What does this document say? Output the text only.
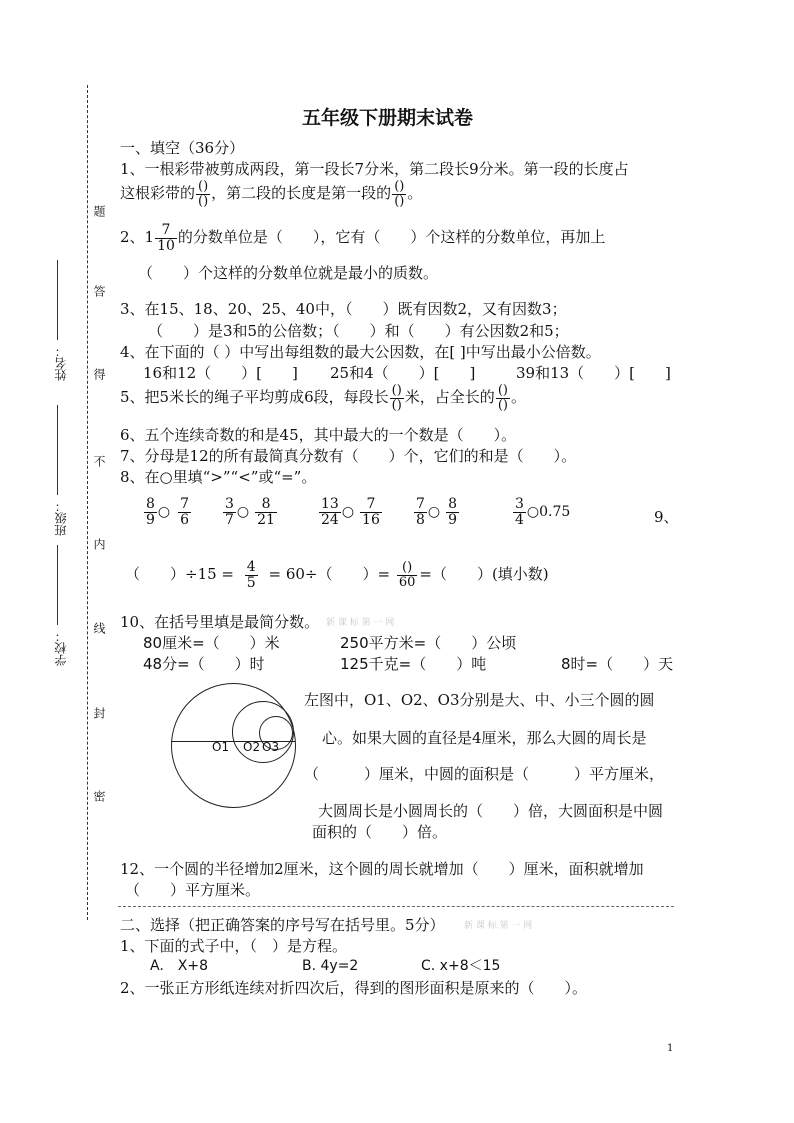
题
答
得
不
内
线
封
密
姓名：
班级：
学校：
五年级下册期末试卷
一、填空（36分）
1、一根彩带被剪成两段，第一段长7分米，第二段长9分米。第一段的长度占
这根彩带的 $\frac{()}{()}$ ，第二段的长度是第一段的 $\frac{()}{()}$ 。
2、$1 \frac{7}{10}$ 的分数单位是（　　），它有（　　）个这样的分数单位，再加上
（　　）个这样的分数单位就是最小的质数。
3、在15、18、20、25、40中，（　　）既有因数2，又有因数3；
（　　）是3和5的公倍数；（　　）和（　　）有公因数2和5；
4、在下面的（ ）中写出每组数的最大公因数，在[ ]中写出最小公倍数。
16和12（　　）[　　] 25和4（　　）[　　]	39和13（　　）[　　]
5、把5米长的绳子平均剪成6段，每段长 $\frac{()}{()}$ 米，占全长的 $\frac{()}{()}$ 。
6、五个连续奇数的和是45，其中最大的一个数是（　　）。
7、分母是12的所有最简真分数有（　　）个，它们的和是（　　）。
8、在○里填“>”“<”或“=”。
$\frac{8}{9}$ ○ $\frac{7}{6} \frac{3}{7}$ ○ $\frac{8}{21}$	$\frac{13}{24}$ ○ $\frac{7}{16} \frac{7}{8}$ ○ $\frac{8}{9}$	$\frac{3}{4}$ ○0.75	9、
（　　）$\div 15 = \frac{4}{5} = 60\div$（　　）= $\frac{()}{60}$ =（　　）(填小数)
10、在括号里填是最简分数。 新 课 标 第 一 网
80厘米=（　　）米	250平方米=（　　）公顷
48分=（　　）时	125千克=（　　）吨	8时=（　　）天
O1 O2 O3
左图中，O1、O2、O3分别是大、中、小三个圆的圆
心。如果大圆的直径是4厘米，那么大圆的周长是
（　　　）厘米，中圆的面积是（　　　）平方厘米，
大圆周长是小圆周长的（　　）倍，大圆面积是中圆
面积的（　　）倍。
12、一个圆的半径增加2厘米，这个圆的周长就增加（　　）厘米，面积就增加
（　　）平方厘米。
二、选择（把正确答案的序号写在括号里。5分） 新 课 标 第 一 网
1、下面的式子中，（　）是方程。
A.　X+8	B. 4y=2	C. x+8＜15
2、一张正方形纸连续对折四次后，得到的图形面积是原来的（　　）。
1
